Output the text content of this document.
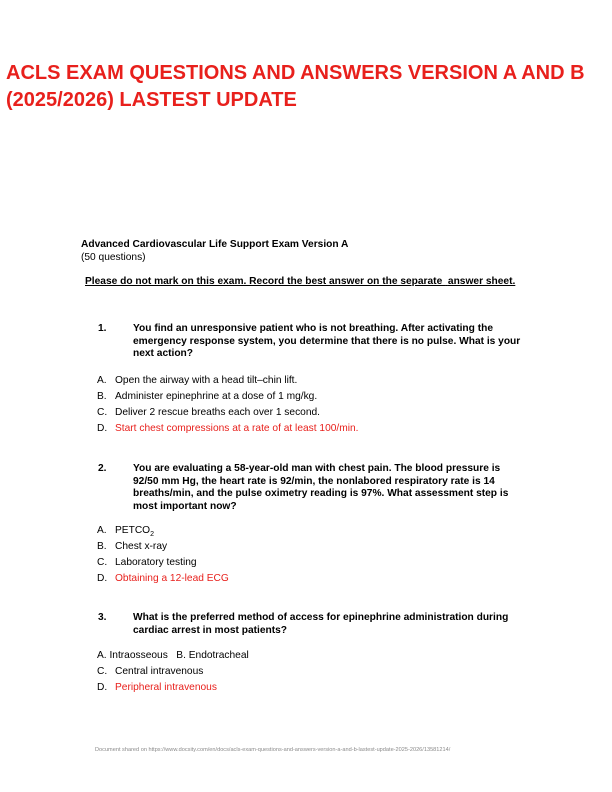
ACLS EXAM QUESTIONS AND ANSWERS VERSION A AND B
(2025/2026) LASTEST UPDATE
Advanced Cardiovascular Life Support Exam Version A
(50 questions)
Please do not mark on this exam. Record the best answer on the separate  answer sheet.
1.	You find an unresponsive patient who is not breathing. After activating the
emergency response system, you determine that there is no pulse. What is your
next action?
A. Open the airway with a head tilt–chin lift.
B. Administer epinephrine at a dose of 1 mg/kg.
C. Deliver 2 rescue breaths each over 1 second.
D. Start chest compressions at a rate of at least 100/min.
2.	You are evaluating a 58-year-old man with chest pain. The blood pressure is
92/50 mm Hg, the heart rate is 92/min, the nonlabored respiratory rate is 14
breaths/min, and the pulse oximetry reading is 97%. What assessment step is
most important now?
A. $PETCO_2$
B. Chest x-ray
C. Laboratory testing
D. Obtaining a 12-lead ECG
3.	What is the preferred method of access for epinephrine administration during
cardiac arrest in most patients?
A. Intraosseous   B. Endotracheal
C. Central intravenous
D. Peripheral intravenous
Document shared on https://www.docsity.com/en/docs/acls-exam-questions-and-answers-version-a-and-b-lastest-update-2025-2026/13581214/
